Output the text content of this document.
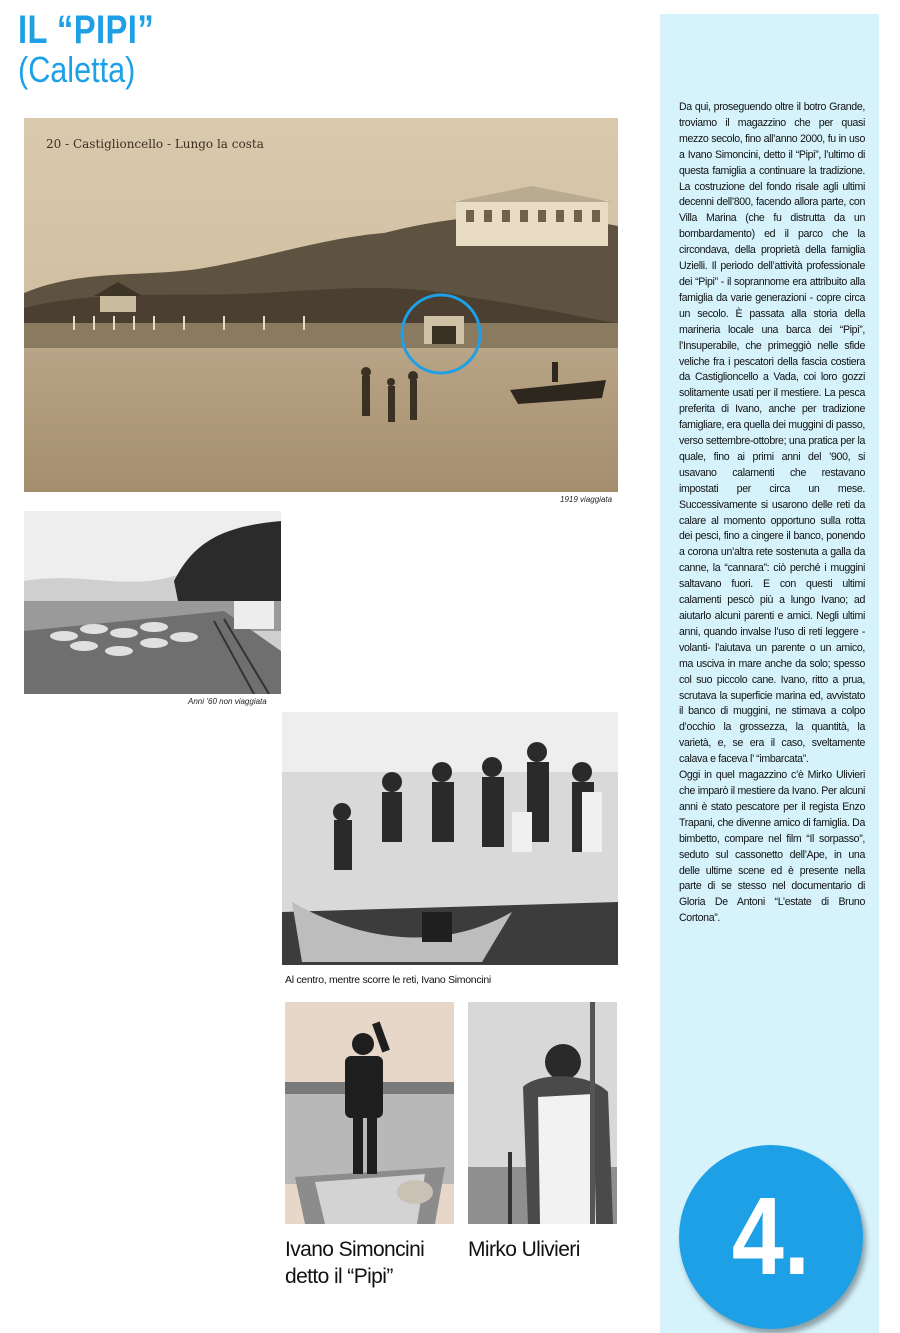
IL “PIPI”
(Caletta)
20 - Castiglioncello - Lungo la costa
1919 viaggiata
Anni ’60 non viaggiata
Al centro, mentre scorre le reti, Ivano Simoncini
Ivano Simoncini
detto il “Pipi”
Mirko Ulivieri

Da qui, proseguendo oltre il botro Grande, troviamo il magazzino che per quasi mezzo secolo, fino all’anno 2000, fu in uso a Ivano Simoncini, detto il “Pipi”, l’ultimo di questa famiglia a continuare la tradizione. La costruzione del fondo risale agli ultimi decenni dell’800, facendo allora parte, con Villa Marina (che fu distrutta da un bombardamento) ed il parco che la circondava, della proprietà della famiglia Uzielli. Il periodo dell’attività professionale dei “Pipi” - il soprannome era attribuito alla famiglia da varie generazioni - copre circa un secolo. È passata alla storia della marineria locale una barca dei “Pipi”, l’Insuperabile, che primeggiò nelle sfide veliche fra i pescatori della fascia costiera da Castiglioncello a Vada, coi loro gozzi solitamente usati per il mestiere. La pesca preferita di Ivano, anche per tradizione famigliare, era quella dei muggini di passo, verso settembre-ottobre; una pratica per la quale, fino ai primi anni del ’900, si usavano calamenti che restavano impostati per circa un mese. Successivamente si usarono delle reti da calare al momento opportuno sulla rotta dei pesci, fino a cingere il banco, ponendo a corona un’altra rete sostenuta a galla da canne, la “cannara”: ciò perché i muggini saltavano fuori. E con questi ultimi calamenti pescò più a lungo Ivano; ad aiutarlo alcuni parenti e amici. Negli ultimi anni, quando invalse l’uso di reti leggere -volanti- l’aiutava un parente o un amico, ma usciva in mare anche da solo; spesso col suo piccolo cane. Ivano, ritto a prua, scrutava la superficie marina ed, avvistato il banco di muggini, ne stimava a colpo d’occhio la grossezza, la quantità, la varietà, e, se era il caso, sveltamente calava e faceva l’ “imbarcata”.

Oggi in quel magazzino c’è Mirko Ulivieri che imparò il mestiere da Ivano. Per alcuni anni è stato pescatore per il regista Enzo Trapani, che divenne amico di famiglia. Da bimbetto, compare nel film “Il sorpasso”, seduto sul cassonetto dell’Ape, in una delle ultime scene ed è presente nella parte di se stesso nel documentario di Gloria De Antoni “L’estate di Bruno Cortona”.

4.
